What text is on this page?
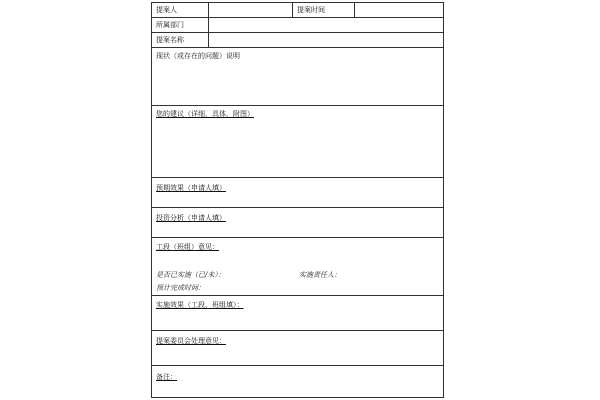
提案人	提案时间
所属部门
提案名称
现状（或存在的问题）说明
您的建议（详细，具体，附图）
预期效果（申请人填）
投资分析（申请人填）
工段（班组）意见：
是否已实施（已/未）：	实施责任人：
预计完成时间：
实施效果（工段、班组填）：
提案委员会处理意见：
备注：
